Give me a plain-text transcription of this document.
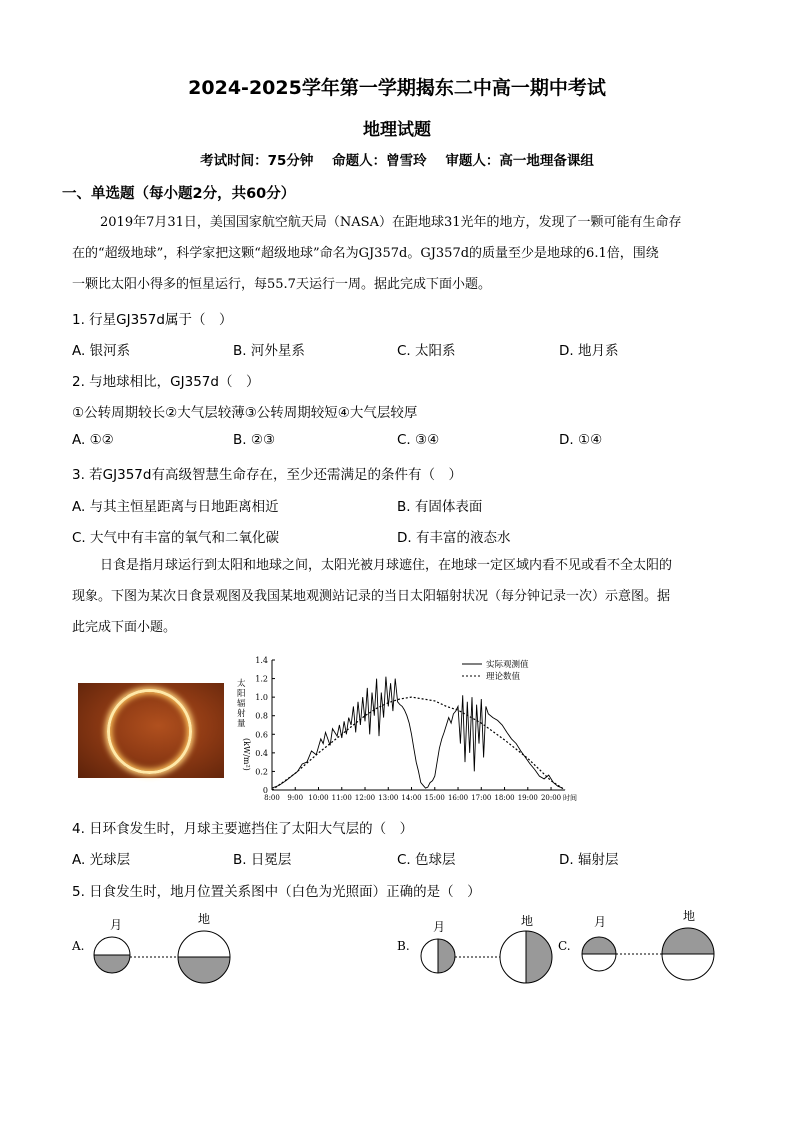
2024-2025学年第一学期揭东二中高一期中考试
地理试题
考试时间：75分钟 命题人：曾雪玲 审题人：高一地理备课组
一、单选题（每小题2分，共60分）
2019年7月31日，美国国家航空航天局（NASA）在距地球31光年的地方，发现了一颗可能有生命存
在的“超级地球”，科学家把这颗“超级地球”命名为GJ357d。GJ357d的质量至少是地球的6.1倍，围绕
一颗比太阳小得多的恒星运行，每55.7天运行一周。据此完成下面小题。
1. 行星GJ357d属于（　）
A. 银河系	B. 河外星系	C. 太阳系	D. 地月系
2. 与地球相比，GJ357d（　）
①公转周期较长②大气层较薄③公转周期较短④大气层较厚
A. ①②	B. ②③	C. ③④	D. ①④
3. 若GJ357d有高级智慧生命存在，至少还需满足的条件有（　）
A. 与其主恒星距离与日地距离相近	B. 有固体表面
C. 大气中有丰富的氧气和二氧化碳	D. 有丰富的液态水
日食是指月球运行到太阳和地球之间，太阳光被月球遮住，在地球一定区域内看不见或看不全太阳的
现象。下图为某次日食景观图及我国某地观测站记录的当日太阳辐射状况（每分钟记录一次）示意图。据
此完成下面小题。
0
0.2
0.4
0.6
0.8
1.0
1.2
1.4
8:00 9:00 10:00 11:00 12:00 13:00 14:00 15:00 16:00 17:00 18:00 19:00 20:00 时间
实际观测值
理论数值
太
阳
辐
射
量
(kW/m²)
4. 日环食发生时，月球主要遮挡住了太阳大气层的（　）
A. 光球层	B. 日冕层	C. 色球层	D. 辐射层
5. 日食发生时，地月位置关系图中（白色为光照面）正确的是（　）
A.
月	地
B.
月	地
C.
月	地
